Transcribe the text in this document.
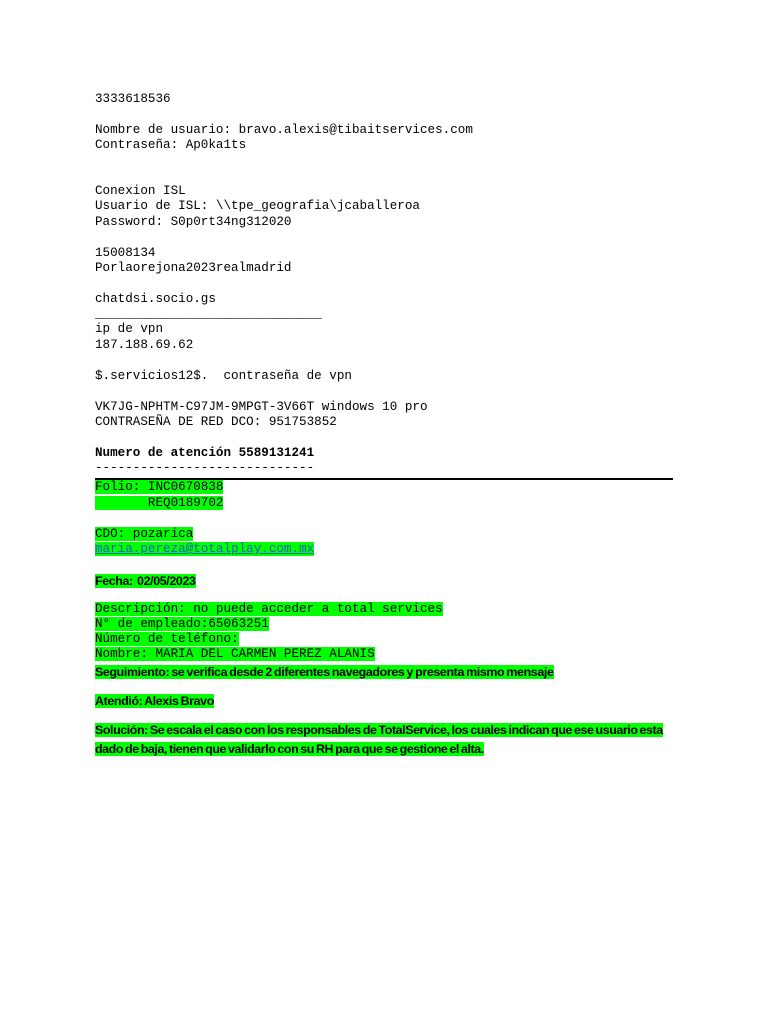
3333618536
Nombre de usuario: bravo.alexis@tibaitservices.com
Contraseña: Ap0ka1ts
Conexion ISL
Usuario de ISL: \\tpe_geografia\jcaballeroa
Password: S0p0rt34ng312020
15008134
Porlaorejona2023realmadrid
chatdsi.socio.gs
______________________________
ip de vpn
187.188.69.62
$.servicios12$.  contraseña de vpn
VK7JG-NPHTM-C97JM-9MPGT-3V66T windows 10 pro
CONTRASEÑA DE RED DCO: 951753852
Numero de atención 5589131241
-----------------------------
Folio: INC0670838
REQ0189702
CDO: pozarica
maria.pereza@totalplay.com.mx
Fecha: 02/05/2023
Descripción: no puede acceder a total services
N° de empleado:65063251
Número de teléfono:
Nombre: MARIA DEL CARMEN PEREZ ALANIS
Seguimiento: se verifica desde 2 diferentes navegadores y presenta mismo mensaje
Atendió: Alexis Bravo
Solución: Se escala el caso con los responsables de TotalService, los cuales indican que ese usuario esta dado de baja, tienen que validarlo con su RH para que se gestione el alta.
